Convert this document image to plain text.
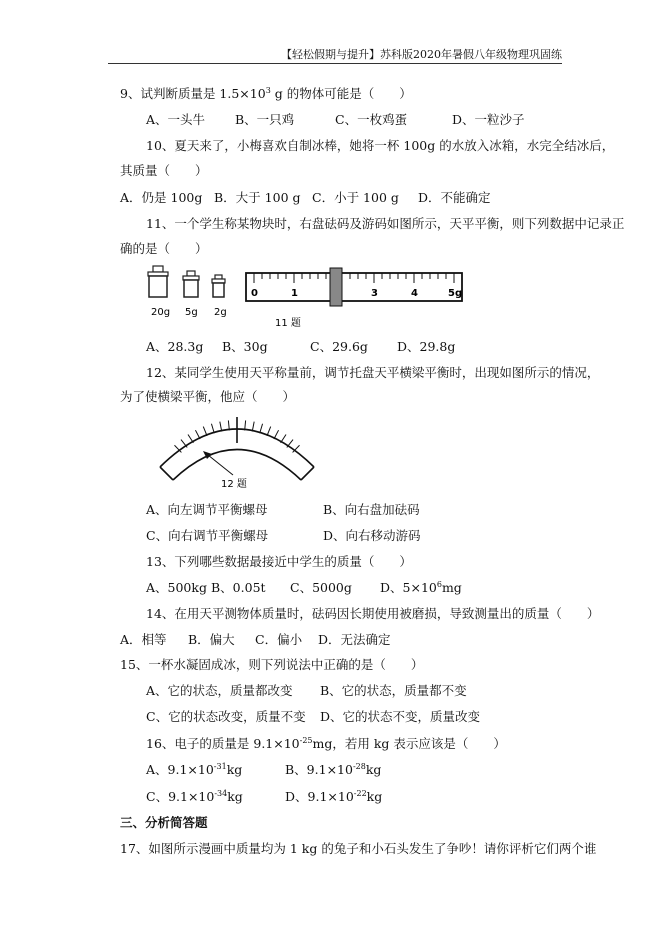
【轻松假期与提升】苏科版2020年暑假八年级物理巩固练
9、试判断质量是 $1.5\times 10^3$ g 的物体可能是（　　）
A、一头牛 B、一只鸡	C、一枚鸡蛋	D、一粒沙子
10、夏天来了，小梅喜欢自制冰棒，她将一杯 100g 的水放入冰箱，水完全结冰后，
其质量（　　）
A．仍是 100g B．大于 100 g C．小于 100 g D．不能确定
11、一个学生称某物块时，右盘砝码及游码如图所示，天平平衡，则下列数据中记录正
确的是（　　）
20g 5g 2g
0	1	3	4	5g
11 题
A、28.3g B、30g	C、29.6g D、29.8g
12、某同学生使用天平称量前，调节托盘天平横梁平衡时，出现如图所示的情况，
为了使横梁平衡，他应（　　）
12 题
A、向左调节平衡螺母	B、向右盘加砝码
C、向右调节平衡螺母	D、向右移动游码
13、下列哪些数据最接近中学生的质量（　　）
A、500kg B、0.05t C、5000g D、$5\times 10^6mg$
14、在用天平测物体质量时，砝码因长期使用被磨损，导致测量出的质量（　　）
A．相等 B．偏大 C．偏小 D．无法确定
15、一杯水凝固成冰，则下列说法中正确的是（　　）
A、它的状态，质量都改变 B、它的状态，质量都不变
C、它的状态改变，质量不变 D、它的状态不变，质量改变
16、电子的质量是 $9.1\times 10^{-25}mg$，若用 kg 表示应该是（　　）
A、$9.1\times 10^{-31}kg$	B、$9.1\times 10^{-28}kg$
C、$9.1\times 10^{-34}kg$	D、$9.1\times 10^{-22}kg$
三、分析简答题
17、如图所示漫画中质量均为 1 kg 的兔子和小石头发生了争吵！请你评析它们两个谁
